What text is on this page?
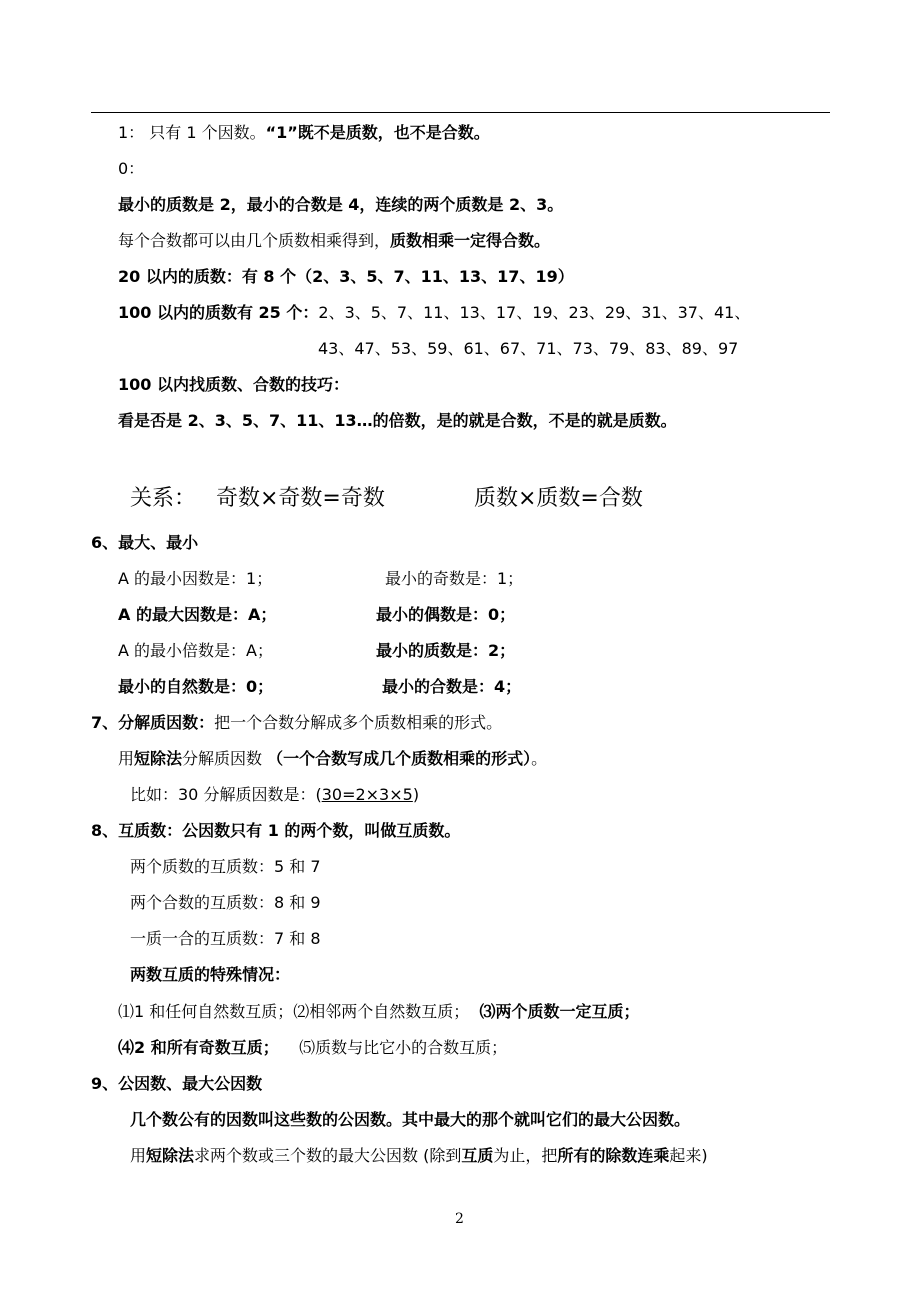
1： 只有 1 个因数。“1”既不是质数，也不是合数。
0：
最小的质数是 2，最小的合数是 4，连续的两个质数是 2、3。
每个合数都可以由几个质数相乘得到，质数相乘一定得合数。
20 以内的质数：有 8 个（2、3、5、7、11、13、17、19）
100 以内的质数有 25 个：2、3、5、7、11、13、17、19、23、29、31、37、41、
43、47、53、59、61、67、71、73、79、83、89、97
100 以内找质数、合数的技巧：
看是否是 2、3、5、7、11、13…的倍数，是的就是合数，不是的就是质数。
关系： 奇数×奇数=奇数	质数×质数=合数
6、最大、最小
A 的最小因数是：1；	最小的奇数是：1；
A 的最大因数是：A；	最小的偶数是：0；
A 的最小倍数是：A；	最小的质数是：2；
最小的自然数是：0；	最小的合数是：4；
7、分解质因数：把一个合数分解成多个质数相乘的形式。
用短除法分解质因数 （一个合数写成几个质数相乘的形式）。
比如：30 分解质因数是：(30=2×3×5)
8、互质数：公因数只有 1 的两个数，叫做互质数。
两个质数的互质数：5 和 7
两个合数的互质数：8 和 9
一质一合的互质数：7 和 8
两数互质的特殊情况：
⑴1 和任何自然数互质；⑵相邻两个自然数互质； ⑶两个质数一定互质；
⑷2 和所有奇数互质； ⑸质数与比它小的合数互质；
9、公因数、最大公因数
几个数公有的因数叫这些数的公因数。其中最大的那个就叫它们的最大公因数。
用短除法求两个数或三个数的最大公因数 (除到互质为止，把所有的除数连乘起来)
2
